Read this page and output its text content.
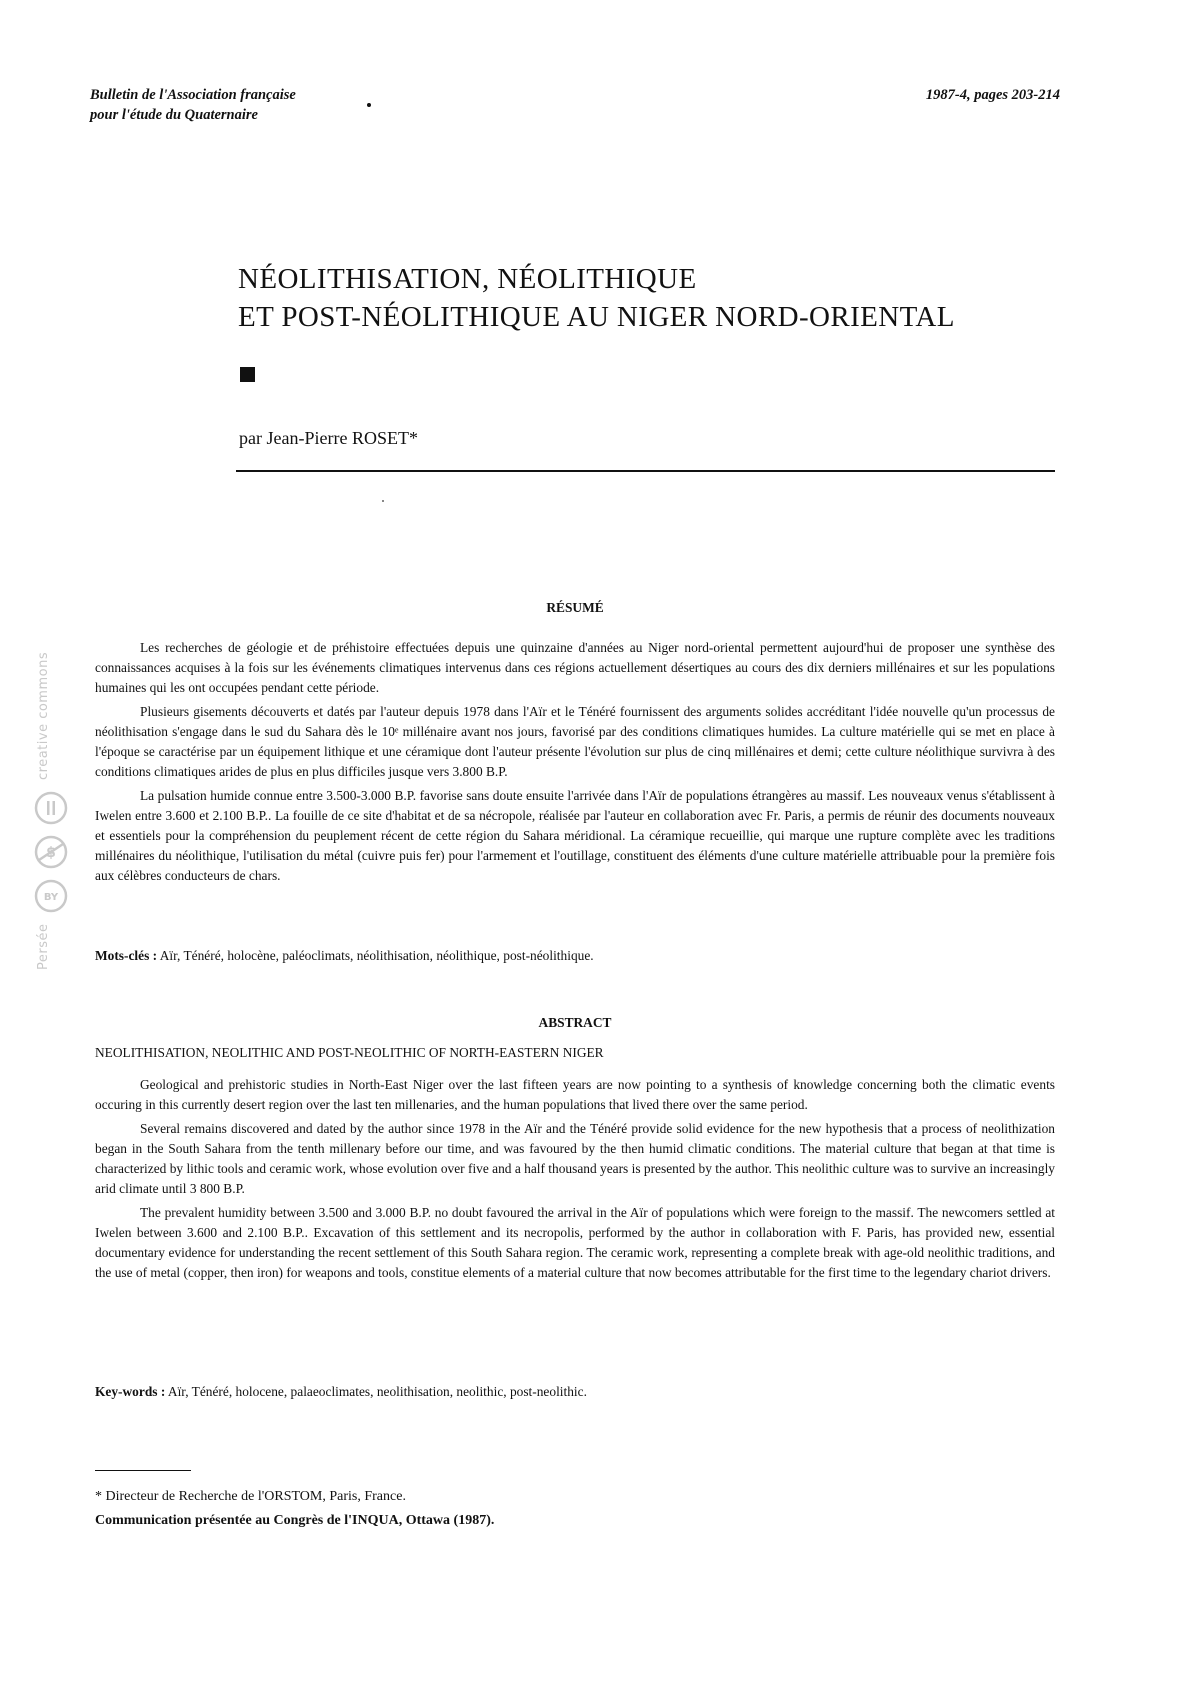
Bulletin de l'Association française
pour l'étude du Quaternaire
1987-4, pages 203-214
NÉOLITHISATION, NÉOLITHIQUE
ET POST-NÉOLITHIQUE AU NIGER NORD-ORIENTAL
par Jean-Pierre ROSET*
RÉSUMÉ

Les recherches de géologie et de préhistoire effectuées depuis une quinzaine d'années au Niger nord-oriental permettent aujourd'hui de proposer une synthèse des connaissances acquises à la fois sur les événements climatiques intervenus dans ces régions actuellement désertiques au cours des dix derniers millénaires et sur les populations humaines qui les ont occupées pendant cette période.

Plusieurs gisements découverts et datés par l'auteur depuis 1978 dans l'Aïr et le Ténéré fournissent des arguments solides accréditant l'idée nouvelle qu'un processus de néolithisation s'engage dans le sud du Sahara dès le 10ᵉ millénaire avant nos jours, favorisé par des conditions climatiques humides. La culture matérielle qui se met en place à l'époque se caractérise par un équipement lithique et une céramique dont l'auteur présente l'évolution sur plus de cinq millénaires et demi; cette culture néolithique survivra à des conditions climatiques arides de plus en plus difficiles jusque vers 3.800 B.P.

La pulsation humide connue entre 3.500-3.000 B.P. favorise sans doute ensuite l'arrivée dans l'Aïr de populations étrangères au massif. Les nouveaux venus s'établissent à Iwelen entre 3.600 et 2.100 B.P.. La fouille de ce site d'habitat et de sa nécropole, réalisée par l'auteur en collaboration avec Fr. Paris, a permis de réunir des documents nouveaux et essentiels pour la compréhension du peuplement récent de cette région du Sahara méridional. La céramique recueillie, qui marque une rupture complète avec les traditions millénaires du néolithique, l'utilisation du métal (cuivre puis fer) pour l'armement et l'outillage, constituent des éléments d'une culture matérielle attribuable pour la première fois aux célèbres conducteurs de chars.

Mots-clés : Aïr, Ténéré, holocène, paléoclimats, néolithisation, néolithique, post-néolithique.
ABSTRACT
NEOLITHISATION, NEOLITHIC AND POST-NEOLITHIC OF NORTH-EASTERN NIGER

Geological and prehistoric studies in North-East Niger over the last fifteen years are now pointing to a synthesis of knowledge concerning both the climatic events occuring in this currently desert region over the last ten millenaries, and the human populations that lived there over the same period.

Several remains discovered and dated by the author since 1978 in the Aïr and the Ténéré provide solid evidence for the new hypothesis that a process of neolithization began in the South Sahara from the tenth millenary before our time, and was favoured by the then humid climatic conditions. The material culture that began at that time is characterized by lithic tools and ceramic work, whose evolution over five and a half thousand years is presented by the author. This neolithic culture was to survive an increasingly arid climate until 3 800 B.P.

The prevalent humidity between 3.500 and 3.000 B.P. no doubt favoured the arrival in the Aïr of populations which were foreign to the massif. The newcomers settled at Iwelen between 3.600 and 2.100 B.P.. Excavation of this settlement and its necropolis, performed by the author in collaboration with F. Paris, has provided new, essential documentary evidence for understanding the recent settlement of this South Sahara region. The ceramic work, representing a complete break with age-old neolithic traditions, and the use of metal (copper, then iron) for weapons and tools, constitue elements of a material culture that now becomes attributable for the first time to the legendary chariot drivers.

Key-words : Aïr, Ténéré, holocene, palaeoclimates, neolithisation, neolithic, post-neolithic.
* Directeur de Recherche de l'ORSTOM, Paris, France.
Communication présentée au Congrès de l'INQUA, Ottawa (1987).
creative commons
$
BY
Persée
